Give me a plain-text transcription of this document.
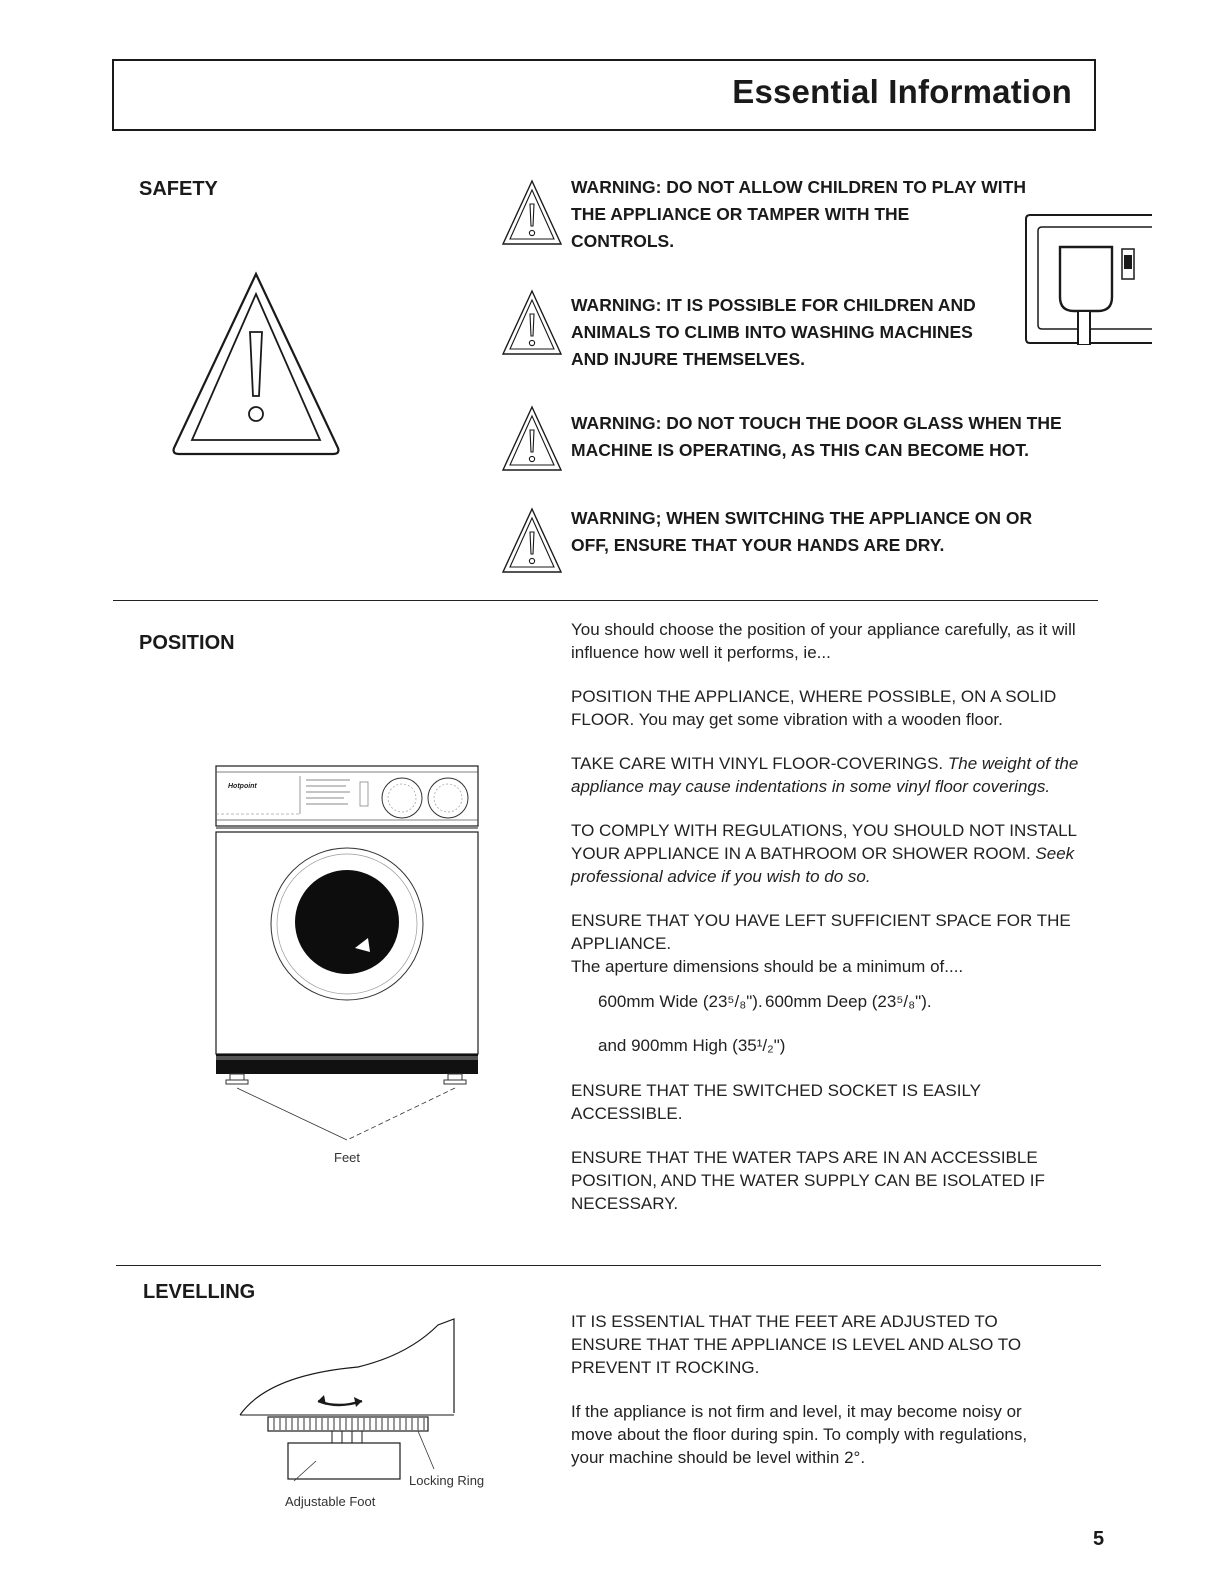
Essential Information
SAFETY	WARNING: DO NOT ALLOW CHILDREN TO PLAY WITH
THE APPLIANCE OR TAMPER WITH THE
CONTROLS.
WARNING: IT IS POSSIBLE FOR CHILDREN AND
ANIMALS TO CLIMB INTO WASHING MACHINES
AND INJURE THEMSELVES.
WARNING: DO NOT TOUCH THE DOOR GLASS WHEN THE
MACHINE IS OPERATING, AS THIS CAN BECOME HOT.
WARNING; WHEN SWITCHING THE APPLIANCE ON OR
OFF, ENSURE THAT YOUR HANDS ARE DRY.
POSITION

You should choose the position of your appliance carefully, as it will influence how well it performs, ie...

POSITION THE APPLIANCE, WHERE POSSIBLE, ON A SOLID FLOOR. You may get some vibration with a wooden floor.

TAKE CARE WITH VINYL FLOOR-COVERINGS. The weight of the appliance may cause indentations in some vinyl floor coverings.

TO COMPLY WITH REGULATIONS, YOU SHOULD NOT INSTALL YOUR APPLIANCE IN A BATHROOM OR SHOWER ROOM. Seek professional advice if you wish to do so.

ENSURE THAT YOU HAVE LEFT SUFFICIENT SPACE FOR THE APPLIANCE.
The aperture dimensions should be a minimum of....

600mm Wide (23⁵/₈"). 600mm Deep (23⁵/₈").
and 900mm High (35¹/₂")

ENSURE THAT THE SWITCHED SOCKET IS EASILY ACCESSIBLE.

ENSURE THAT THE WATER TAPS ARE IN AN ACCESSIBLE POSITION, AND THE WATER SUPPLY CAN BE ISOLATED IF NECESSARY.

Hotpoint
Feet
LEVELLING

IT IS ESSENTIAL THAT THE FEET ARE ADJUSTED TO ENSURE THAT THE APPLIANCE IS LEVEL AND ALSO TO PREVENT IT ROCKING.

If the appliance is not firm and level, it may become noisy or move about the floor during spin. To comply with regulations, your machine should be level within 2°.

Locking Ring
Adjustable Foot
5
